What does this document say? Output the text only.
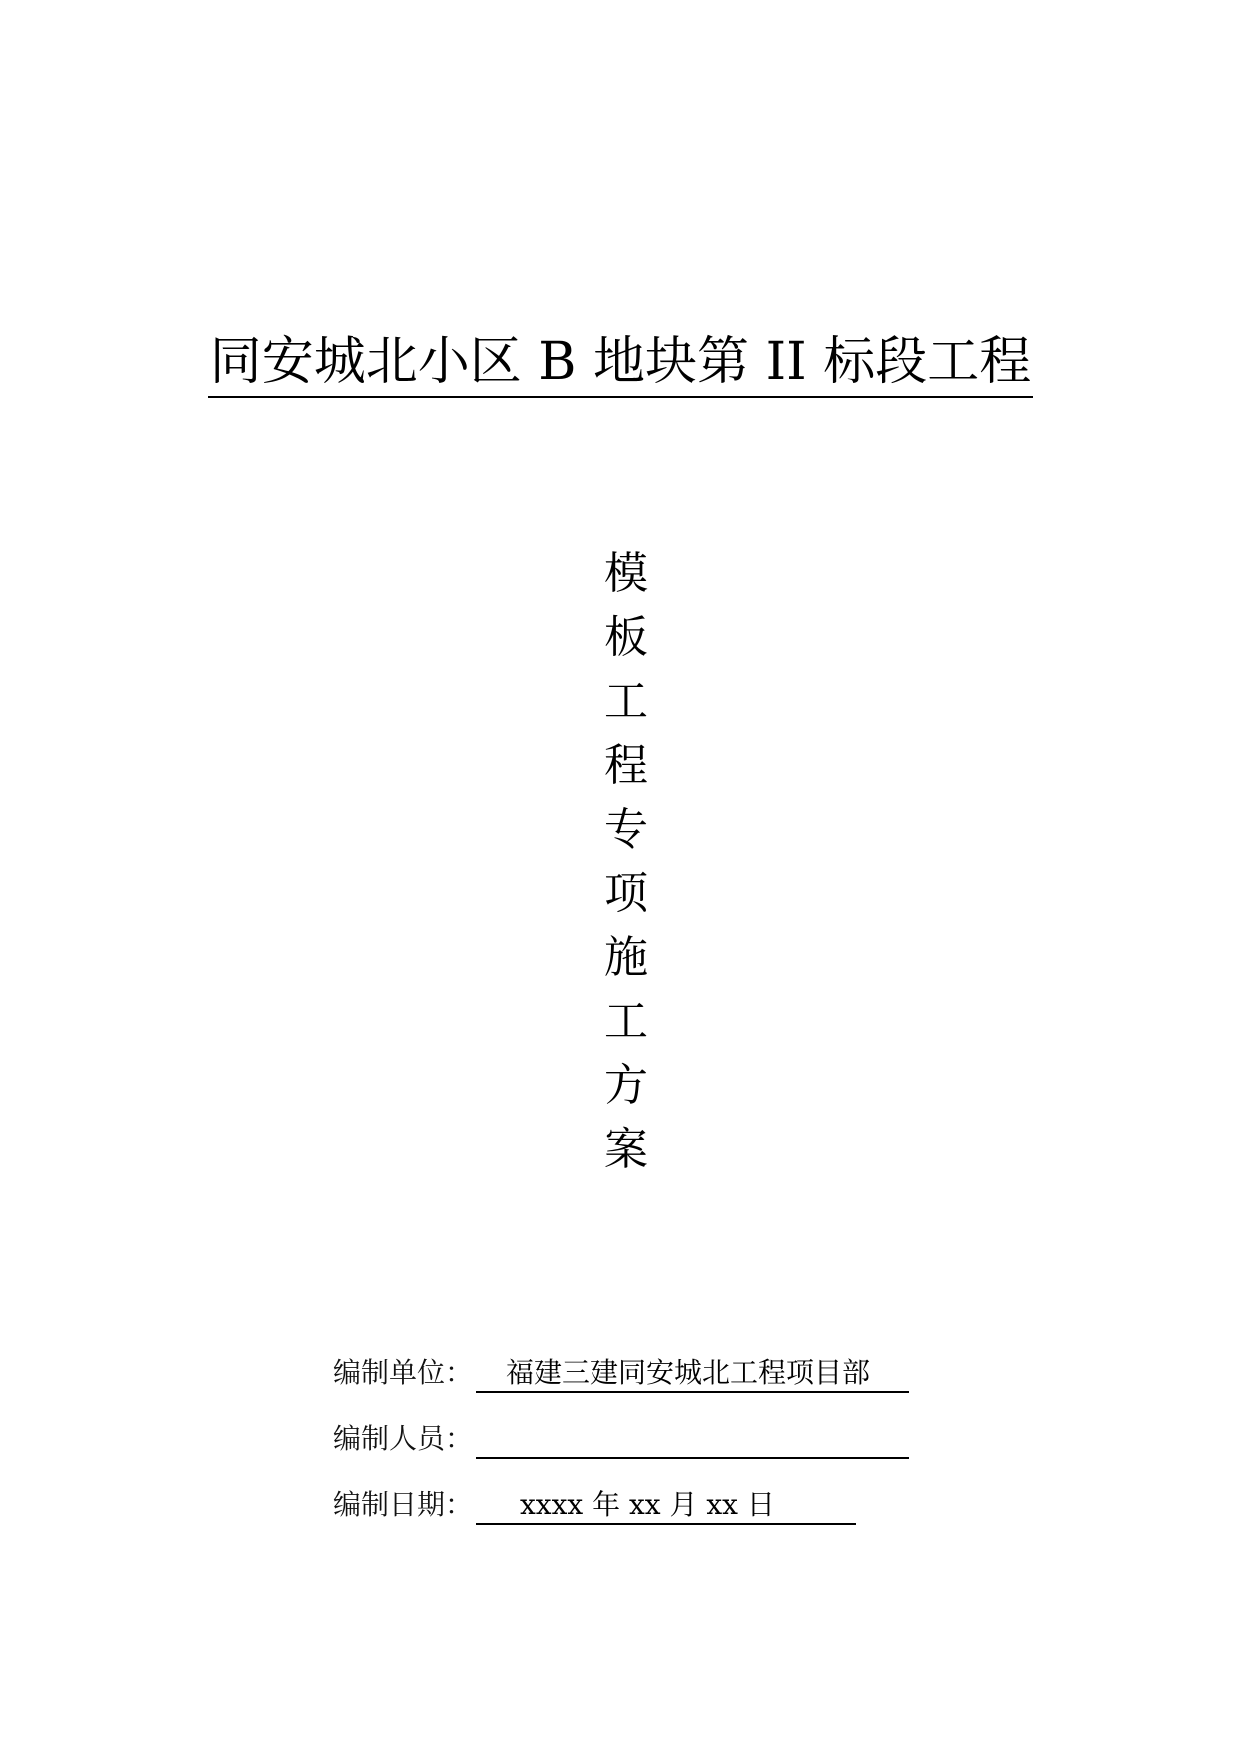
同安城北小区 B 地块第 II 标段工程
模
板
工
程
专
项
施
工
方
案
编制单位：	福建三建同安城北工程项目部
编制人员：
编制日期：	xxxx 年 xx 月 xx 日
